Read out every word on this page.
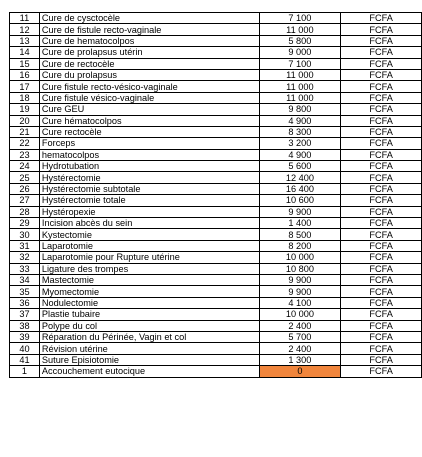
11	Cure de cysctocèle	7 100	FCFA
12	Cure de fistule recto-vaginale	11 000	FCFA
13	Cure de hematocolpos	5 800	FCFA
14	Cure de prolapsus utérin	9 000	FCFA
15	Cure de rectocèle	7 100	FCFA
16	Cure du prolapsus	11 000	FCFA
17	Cure fistule recto-vésico-vaginale	11 000	FCFA
18	Cure fistule vésico-vaginale	11 000	FCFA
19	Cure GEU	9 800	FCFA
20	Cure hématocolpos	4 900	FCFA
21	Cure rectocèle	8 300	FCFA
22	Forceps	3 200	FCFA
23	hematocolpos	4 900	FCFA
24	Hydrotubation	5 600	FCFA
25	Hystérectomie	12 400	FCFA
26	Hystérectomie subtotale	16 400	FCFA
27	Hystérectomie totale	10 600	FCFA
28	Hystéropexie	9 900	FCFA
29	Incision abcès du sein	1 400	FCFA
30	Kystectomie	8 500	FCFA
31	Laparotomie	8 200	FCFA
32	Laparotomie pour Rupture utérine	10 000	FCFA
33	Ligature des trompes	10 800	FCFA
34	Mastectomie	9 900	FCFA
35	Myomectomie	9 900	FCFA
36	Nodulectomie	4 100	FCFA
37	Plastie tubaire	10 000	FCFA
38	Polype du col	2 400	FCFA
39	Réparation du Périnée, Vagin et col	5 700	FCFA
40	Révision utérine	2 400	FCFA
41	Suture Episiotomie	1 300	FCFA
1	Accouchement eutocique	0	FCFA
